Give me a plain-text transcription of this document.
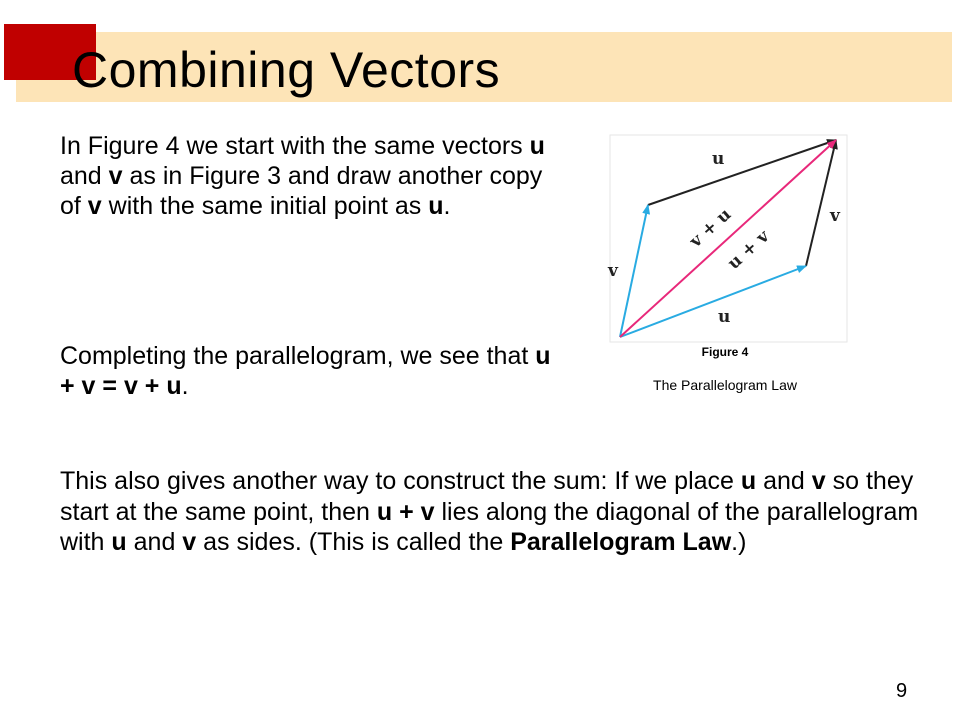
Combining Vectors

In Figure 4 we start with the same vectors u and v as in Figure 3 and draw another copy of v with the same initial point as u.

Completing the parallelogram, we see that u + v = v + u.

This also gives another way to construct the sum: If we place u and v so they start at the same point, then u + v lies along the diagonal of the parallelogram with u and v as sides. (This is called the Parallelogram Law.)

u
u
v
v
v + u
u + v
Figure 4
The Parallelogram Law
9
